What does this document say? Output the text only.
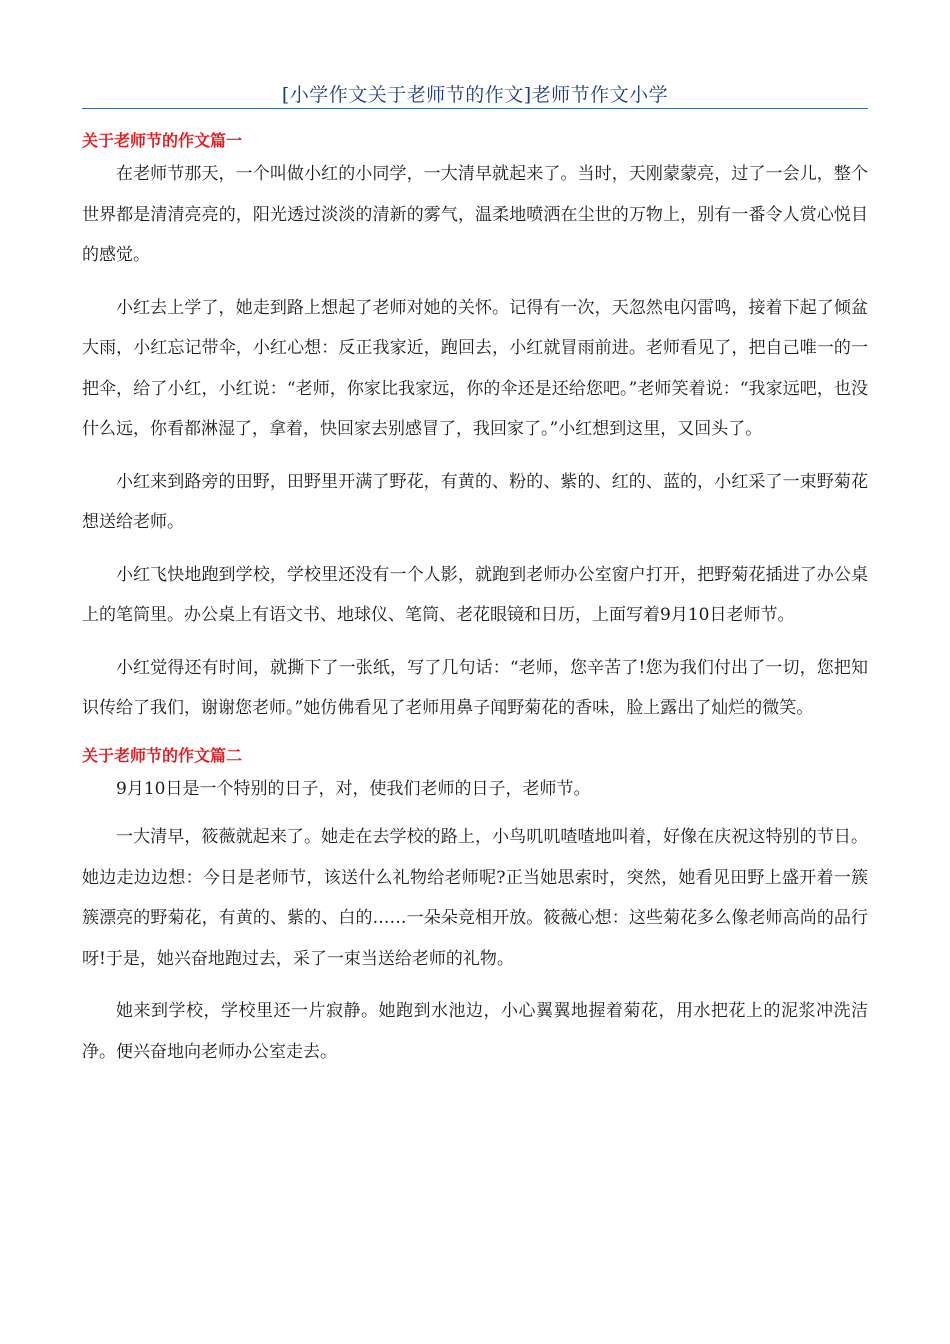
[小学作文关于老师节的作文]老师节作文小学
关于老师节的作文篇一

在老师节那天，一个叫做小红的小同学，一大清早就起来了。当时，天刚蒙蒙亮，过了一会儿，整个世界都是清清亮亮的，阳光透过淡淡的清新的雾气，温柔地喷洒在尘世的万物上，别有一番令人赏心悦目的感觉。

小红去上学了，她走到路上想起了老师对她的关怀。记得有一次，天忽然电闪雷鸣，接着下起了倾盆大雨，小红忘记带伞，小红心想：反正我家近，跑回去，小红就冒雨前进。老师看见了，把自己唯一的一把伞，给了小红，小红说：“老师，你家比我家远，你的伞还是还给您吧。”老师笑着说：“我家远吧，也没什么远，你看都淋湿了，拿着，快回家去别感冒了，我回家了。”小红想到这里，又回头了。

小红来到路旁的田野，田野里开满了野花，有黄的、粉的、紫的、红的、蓝的，小红采了一束野菊花想送给老师。

小红飞快地跑到学校，学校里还没有一个人影，就跑到老师办公室窗户打开，把野菊花插进了办公桌上的笔筒里。办公桌上有语文书、地球仪、笔筒、老花眼镜和日历，上面写着9月10日老师节。

小红觉得还有时间，就撕下了一张纸，写了几句话：“老师，您辛苦了!您为我们付出了一切，您把知识传给了我们，谢谢您老师。”她仿佛看见了老师用鼻子闻野菊花的香味，脸上露出了灿烂的微笑。

关于老师节的作文篇二

9月10日是一个特别的日子，对，使我们老师的日子，老师节。

一大清早，筱薇就起来了。她走在去学校的路上，小鸟叽叽喳喳地叫着，好像在庆祝这特别的节日。她边走边边想：今日是老师节，该送什么礼物给老师呢?正当她思索时，突然，她看见田野上盛开着一簇簇漂亮的野菊花，有黄的、紫的、白的……一朵朵竞相开放。筱薇心想：这些菊花多么像老师高尚的品行呀!于是，她兴奋地跑过去，采了一束当送给老师的礼物。

她来到学校，学校里还一片寂静。她跑到水池边，小心翼翼地握着菊花，用水把花上的泥浆冲洗洁净。便兴奋地向老师办公室走去。
